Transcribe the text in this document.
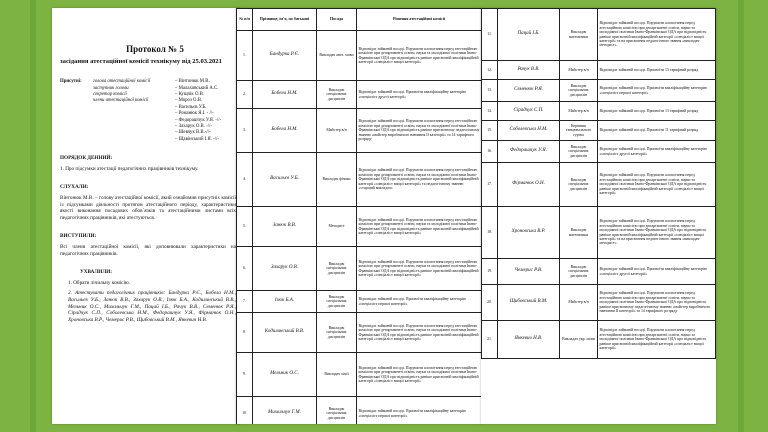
Протокол № 5
засідання атестаційної комісії технікуму від 25.03.2021
Присутні:	голова атестаційної комісії
заступник голови
секретар комісії
члени атестаційної комісії
– Вінтонюк М.В.
– Малаховський А.С.
– Кущпік О.В.
– Мороз О.В.
– Васильєв У.Б.
– Романюк Я.І. - //-
– Федорашчук У.Я. -//-
– Захарук О.В. -//-
– Шевчук В.В.-//-
– Щавінський І.Я. -//-
ПОРЯДОК ДЕННИЙ:
1. Про підсумки атестації педагогічних працівників технікуму.
СЛУХАЛИ:
Вінтонюк М.В. – голову атестаційної комісії, який ознайомив присутніх комісії із підсумками діяльності протягом атестаційного періоду, характеристики якості виконання посадових обов`язків та атестаційними листами всіх педагогічних працівників, які атестуються.
ВИСТУПИЛИ:
Всі члени атестаційної комісії, які доповнювали характеристики на педагогічних працівників.
УХВАЛИЛИ:
1. Обрати лічильну комісію.
2. Атестувати педагогічних працівників: Бандурка Р.Є., Бобела Н.М., Васильєв У.Б., Занюк В.В., Захарук О.В., Ізюк Б.А., Кодилинський В.В., Мельник О.С., Михальчук Г.М., Пацай І.Б., Рачук В.В., Семенюк Р.Я., Сірадчук С.П., Соболевська Н.М., Федорашчук У.Я., Фірманюк О.Н., Хроновська В.Р., Чемерис Р.В., Щибовський В.М., Янкевич Н.В.
№ п/п	Прізвище, ім'я, по батькові	Посада	Рішення атестаційної комісії
1.	Бандурка Р.Є.	Викладач англ. мови	Відповідає займаній посаді. Порушити клопотання перед атестаційною комісією при департаменті освіти, науки та молодіжної політики Івано-Франківської ОДА про відповідність раніше присвоєній кваліфікаційній категорії «спеціаліст вищої категорії»
2.	Бобела Н.М.	Викладач спеціальних дисциплін	Відповідає займаній посаді. Присвоїти кваліфікаційну категорію «спеціаліст другої категорії»
3.	Бобела Н.М.	Майстер в/н	Відповідає займаній посаді. Порушити клопотання перед атестаційною комісією при департаменті освіти, науки та молодіжної політики Івано-Франківської ОДА про відповідність раніше присвоєному педагогічному званню «майстер виробничого навчання II категорії» та 14 тарифного розряду
4.	Васильєв У.Б.	Викладач фізики	Відповідає займаній посаді. Порушити клопотання перед атестаційною комісією при департаменті освіти, науки та молодіжної політики Івано-Франківської ОДА про відповідність раніше присвоєній кваліфікаційній категорії «спеціаліст вищої категорії» та педагогічному званню «старший викладач»
5.	Занюк В.В.	Методист	Відповідає займаній посаді. Порушити клопотання перед атестаційною комісією при департаменті освіти, науки та молодіжної політики Івано-Франківської ОДА про відповідність раніше присвоєній кваліфікаційній категорії «спеціаліст вищої категорії»
6.	Захарук О.В.	Викладач спеціальних дисциплін	Відповідає займаній посаді. Порушити клопотання перед атестаційною комісією при департаменті освіти, науки та молодіжної політики Івано-Франківської ОДА про відповідність раніше присвоєній кваліфікаційній категорії «спеціаліст вищої категорії»
7.	Ізюк Б.А.	Викладач спеціальних дисциплін	Відповідає займаній посаді. Присвоїти кваліфікаційну категорію «спеціаліст першої категорії»
8.	Кодилинський В.В.	Викладач спеціальних дисциплін	Відповідає займаній посаді. Порушити клопотання перед атестаційною комісією при департаменті освіти, науки та молодіжної політики Івано-Франківської ОДА про відповідність раніше присвоєній кваліфікаційній категорії «спеціаліст вищої категорії»
9.	Мельник О.С.	Викладач хімії	Відповідає займаній посаді. Порушити клопотання перед атестаційною комісією при департаменті освіти, науки та молодіжної політики Івано-Франківської ОДА про відповідність раніше присвоєній кваліфікаційній категорії «спеціаліст вищої категорії»
10.	Михальчук Г.М.	Викладач спеціальних дисциплін	Відповідає займаній посаді. Присвоїти кваліфікаційну категорію «спеціаліст першої категорії»
11.	Пацай І.Б.	Викладач математики	Відповідає займаній посаді. Порушити клопотання перед атестаційною комісією при департаменті освіти, науки та молодіжної політики Івано-Франківської ОДА про відповідність раніше присвоєній кваліфікаційній категорії «спеціаліст вищої категорії» та на присвоєння педагогічного звання «викладач-методист».
12.	Рачук В.В.	Майстер в/н	Відповідає займаній посаді. Присвоїти 13 тарифний розряд
13.	Семенюк Р.Я.	Викладач спеціальних дисциплін	Відповідає займаній посаді. Присвоїти кваліфікаційну категорію «спеціаліст першої категорії»
14.	Сірадчук С.П.	Майстер в/н	Відповідає займаній посаді. Присвоїти 13 тарифний розряд
15.	Соболевська Н.М.	Керівник танцювального гуртка	Відповідає займаній посаді. Присвоїти 11 тарифний розряд
16.	Федорашчук У.Я.	Викладач спеціальних дисциплін	Відповідає займаній посаді. Присвоїти кваліфікаційну категорію «спеціаліст другої категорії»
17.	Фірманюк О.Н.	Викладач спеціальних дисциплін	Відповідає займаній посаді. Порушити клопотання перед атестаційною комісією при департаменті освіти, науки та молодіжної політики Івано-Франківської ОДА про відповідність раніше присвоєній кваліфікаційній категорії «спеціаліст вищої категорії»
18.	Хроновська В.Р.	Викладач математики	Відповідає займаній посаді. Порушити клопотання перед атестаційною комісією при департаменті освіти, науки та молодіжної політики Івано-Франківської ОДА про відповідність раніше присвоєній кваліфікаційній категорії «спеціаліст вищої категорії» та на присвоєння педагогічного звання «викладач-методист».
19.	Чемерис Р.В.	Викладач спеціальних дисциплін	Відповідає займаній посаді. Присвоїти кваліфікаційну категорію «спеціаліст другої категорії»
20.	Щибовський В.М.	Майстер в/н	Відповідає займаній посаді. Порушити клопотання перед атестаційною комісією при департаменті освіти, науки та молодіжної політики Івано-Франківської ОДА про відповідність раніше присвоєному педагогічному званню «майстер виробничого навчання II категорії» та 14 тарифного розряду
21.	Янкевич Н.В.	Викладач укр. мови	Відповідає займаній посаді. Порушити клопотання перед атестаційною комісією при департаменті освіти, науки та молодіжної політики Івано-Франківської ОДА про відповідність раніше присвоєній кваліфікаційній категорії «спеціаліст вищої категорії»
